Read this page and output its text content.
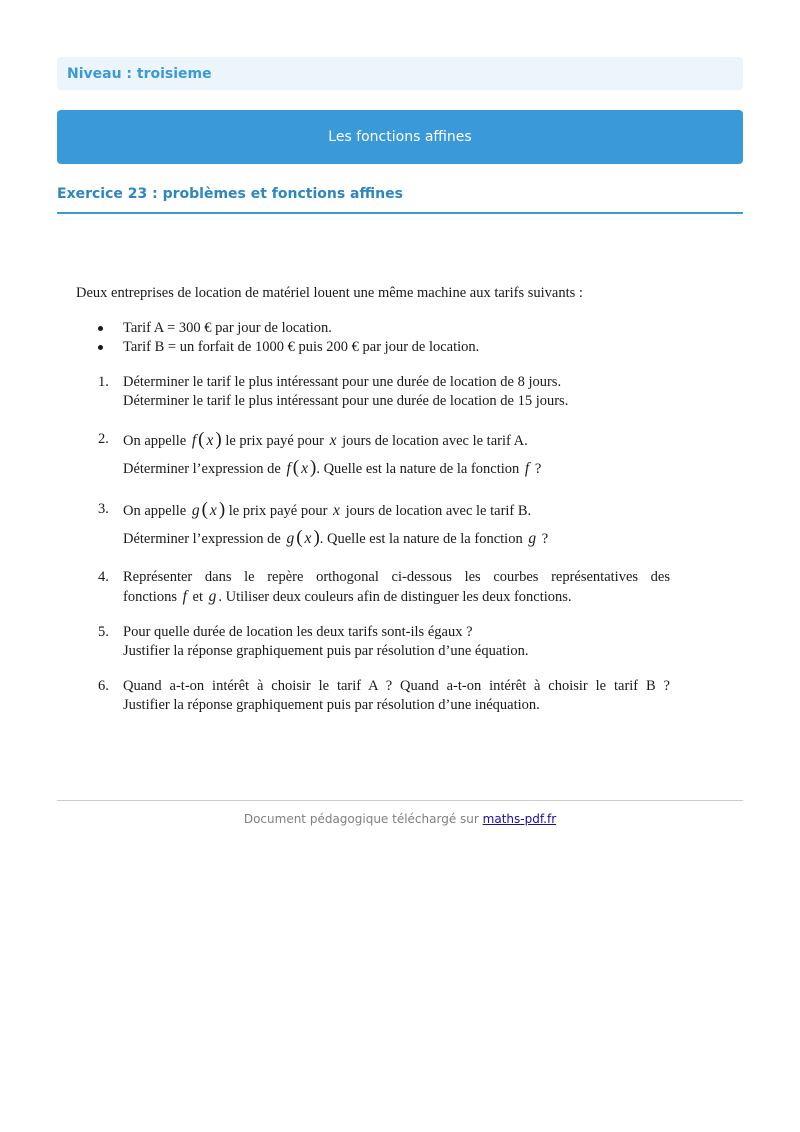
Niveau : troisieme
Les fonctions affines
Exercice 23 : problèmes et fonctions affines

Deux entreprises de location de matériel louent une même machine aux tarifs suivants :

Tarif A = 300 € par jour de location.
Tarif B = un forfait de 1000 € puis 200 € par jour de location.
1. Déterminer le tarif le plus intéressant pour une durée de location de 8 jours.
Déterminer le tarif le plus intéressant pour une durée de location de 15 jours.
2. On appelle f ( x ) le prix payé pour x jours de location avec le tarif A.
Déterminer l’expression de f ( x ). Quelle est la nature de la fonction f ?
3. On appelle g ( x ) le prix payé pour x jours de location avec le tarif B.
Déterminer l’expression de g ( x ). Quelle est la nature de la fonction g ?
4. Représenter dans le repère orthogonal ci-dessous les courbes représentatives des
fonctions f et g . Utiliser deux couleurs afin de distinguer les deux fonctions.
5. Pour quelle durée de location les deux tarifs sont-ils égaux ?
Justifier la réponse graphiquement puis par résolution d’une équation.
6. Quand a-t-on intérêt à choisir le tarif A ? Quand a-t-on intérêt à choisir le tarif B ?
Justifier la réponse graphiquement puis par résolution d’une inéquation.
Document pédagogique téléchargé sur maths-pdf.fr
